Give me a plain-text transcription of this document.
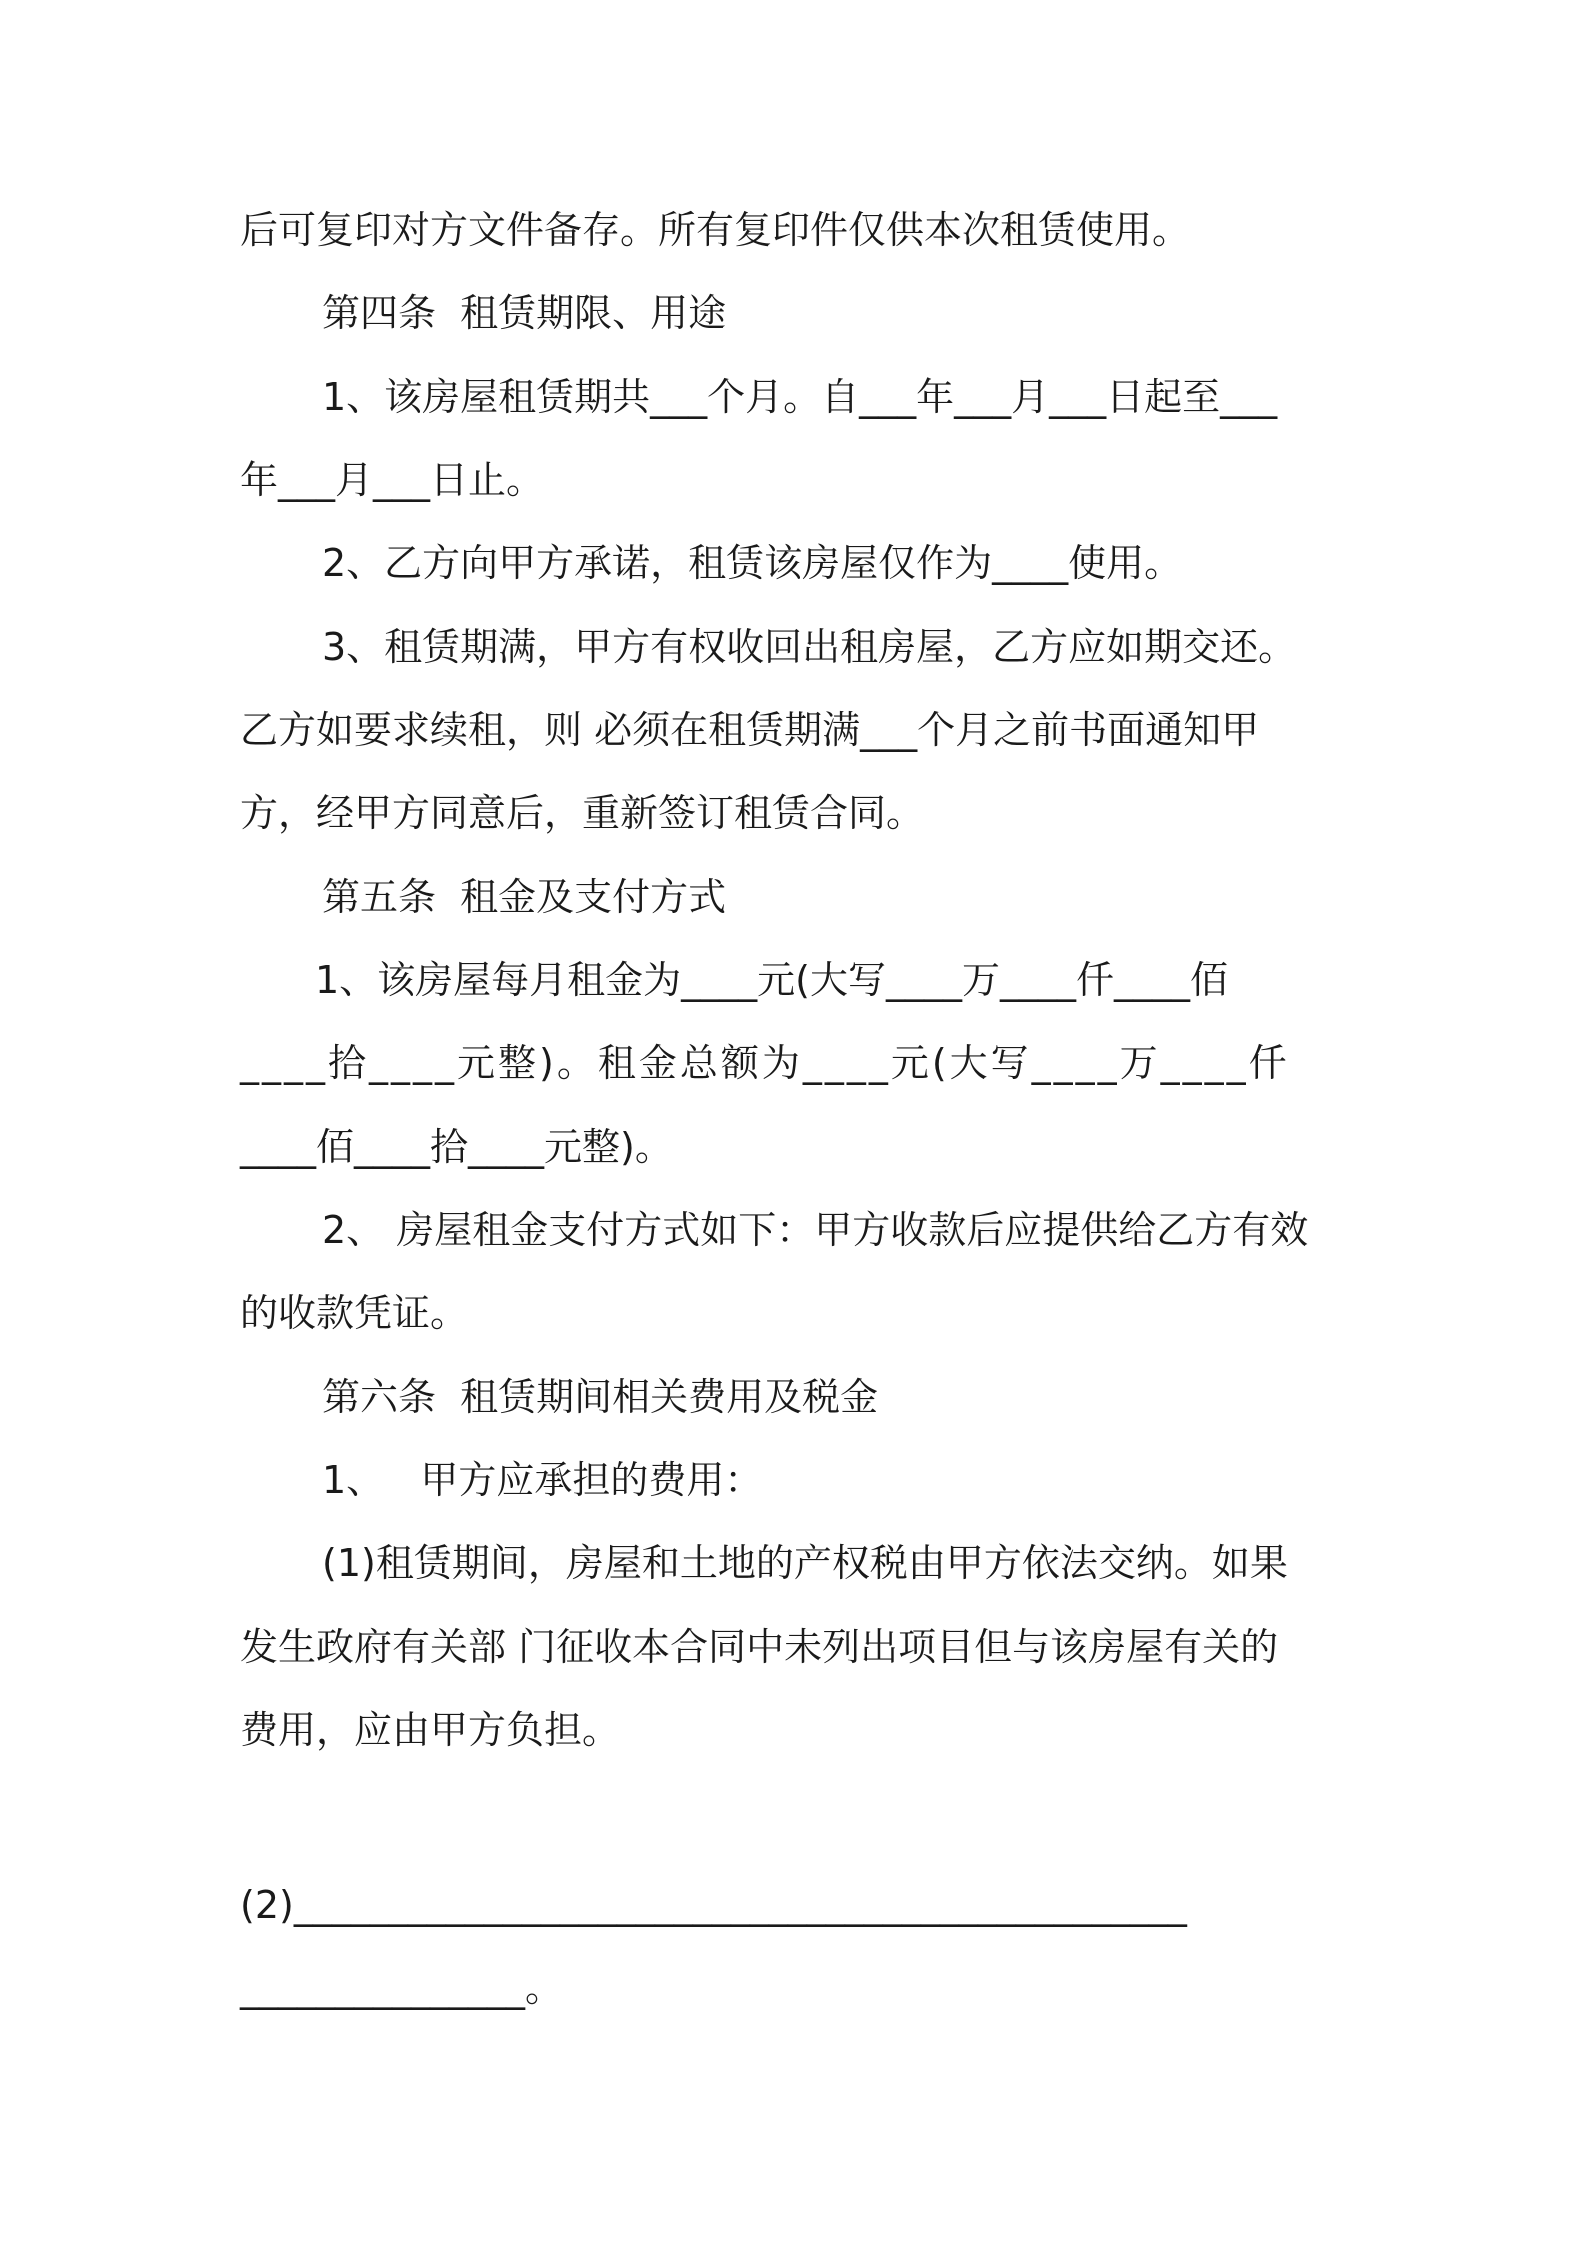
后可复印对方文件备存。所有复印件仅供本次租赁使用。
第四条  租赁期限、用途
1、该房屋租赁期共___个月。自___年___月___日起至___
年___月___日止。
2、乙方向甲方承诺，租赁该房屋仅作为____使用。
3、租赁期满，甲方有权收回出租房屋，乙方应如期交还。
乙方如要求续租，则 必须在租赁期满___个月之前书面通知甲
方，经甲方同意后，重新签订租赁合同。
第五条  租金及支付方式
1、该房屋每月租金为____元(大写____万____仟____佰
____拾____元整)。租金总额为____元(大写____万____仟
____佰____拾____元整)。
2、 房屋租金支付方式如下：甲方收款后应提供给乙方有效
的收款凭证。
第六条  租赁期间相关费用及税金
1、   甲方应承担的费用：
(1)租赁期间，房屋和土地的产权税由甲方依法交纳。如果
发生政府有关部 门征收本合同中未列出项目但与该房屋有关的
费用，应由甲方负担。
(2)_______________________________________________
_______________。
